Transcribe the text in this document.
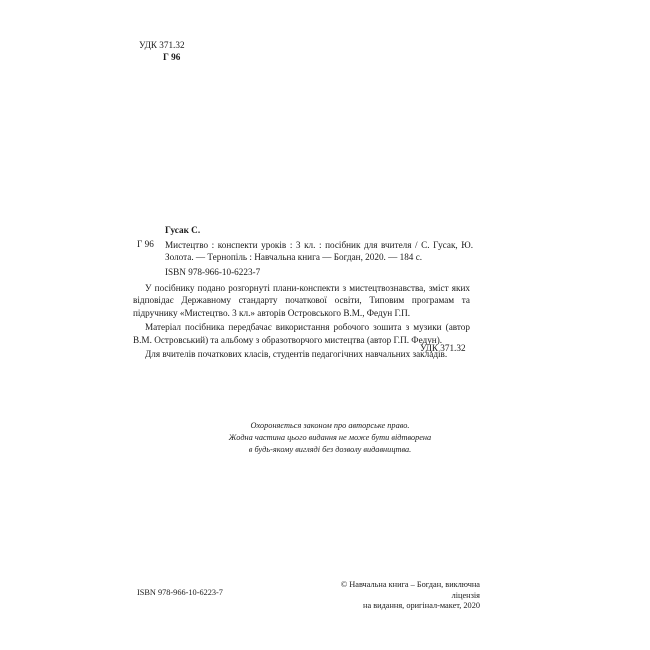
УДК 371.32
Г 96
Гусак С.
Г 96 Мистецтво : конспекти уроків : 3 кл. : посібник для вчителя / С. Гусак, Ю. Золота. — Тернопіль : Навчальна книга — Богдан, 2020. — 184 с.
ISBN 978-966-10-6223-7

У посібнику подано розгорнуті плани-конспекти з мистецтвознавства, зміст яких відповідає Державному стандарту початкової освіти, Типовим програмам та підручнику «Мистецтво. 3 кл.» авторів Островського В.М., Федун Г.П.

Матеріал посібника передбачає використання робочого зошита з музики (автор В.М. Островський) та альбому з образотворчого мистецтва (автор Г.П. Федун).

Для вчителів початкових класів, студентів педагогічних навчальних закладів.

УДК 371.32
Охороняється законом про авторське право.
Жодна частина цього видання не може бути відтворена
в будь-якому вигляді без дозволу видавництва.
ISBN 978-966-10-6223-7
© Навчальна книга – Богдан, виключна ліцензія
на видання, оригінал-макет, 2020
